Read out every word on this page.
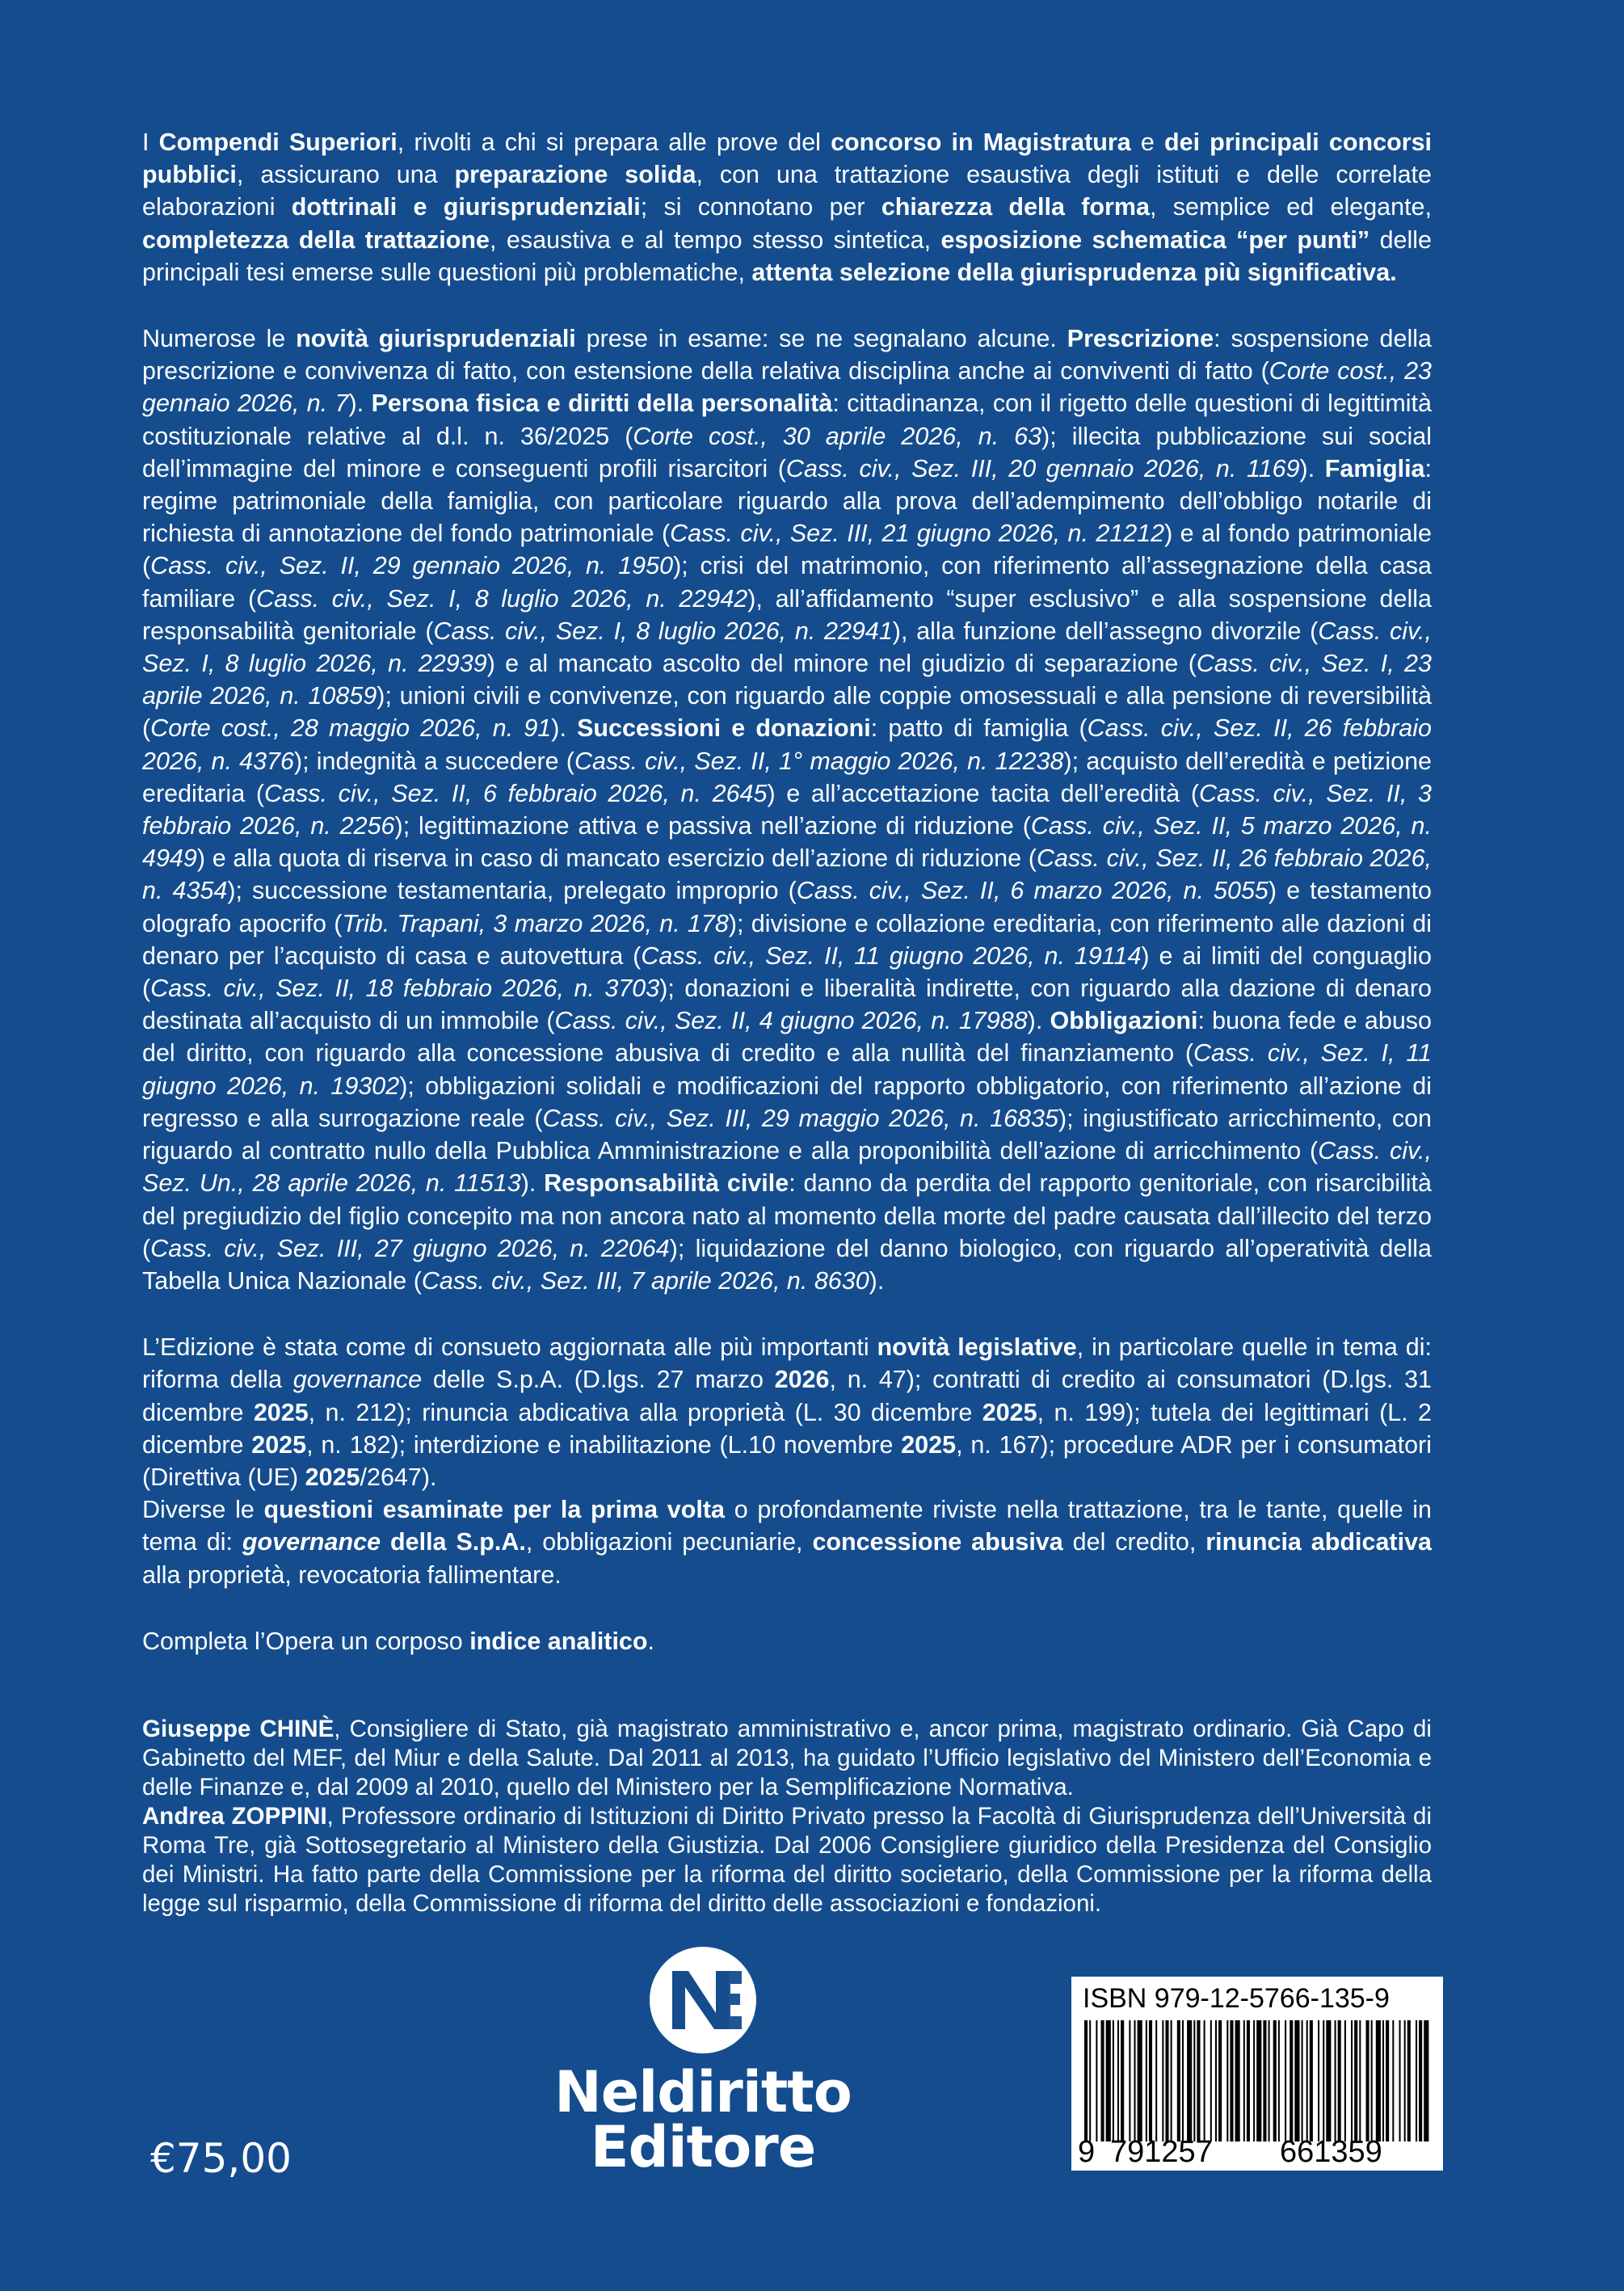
I Compendi Superiori, rivolti a chi si prepara alle prove del concorso in Magistratura e dei principali concorsi pubblici, assicurano una preparazione solida, con una trattazione esaustiva degli istituti e delle correlate elaborazioni dottrinali e giurisprudenziali; si connotano per chiarezza della forma, semplice ed elegante, completezza della trattazione, esaustiva e al tempo stesso sintetica, esposizione schematica “per punti” delle principali tesi emerse sulle questioni più problematiche, attenta selezione della giurisprudenza più significativa.

Numerose le novità giurisprudenziali prese in esame: se ne segnalano alcune. Prescrizione: sospensione della prescrizione e convivenza di fatto, con estensione della relativa disciplina anche ai conviventi di fatto (Corte cost., 23 gennaio 2026, n. 7). Persona fisica e diritti della personalità: cittadinanza, con il rigetto delle questioni di legittimità costituzionale relative al d.l. n. 36/2025 (Corte cost., 30 aprile 2026, n. 63); illecita pubblicazione sui social dell’immagine del minore e conseguenti profili risarcitori (Cass. civ., Sez. III, 20 gennaio 2026, n. 1169). Famiglia: regime patrimoniale della famiglia, con particolare riguardo alla prova dell’adempimento dell’obbligo notarile di richiesta di annotazione del fondo patrimoniale (Cass. civ., Sez. III, 21 giugno 2026, n. 21212) e al fondo patrimoniale (Cass. civ., Sez. II, 29 gennaio 2026, n. 1950); crisi del matrimonio, con riferimento all’assegnazione della casa familiare (Cass. civ., Sez. I, 8 luglio 2026, n. 22942), all’affidamento “super esclusivo” e alla sospensione della responsabilità genitoriale (Cass. civ., Sez. I, 8 luglio 2026, n. 22941), alla funzione dell’assegno divorzile (Cass. civ., Sez. I, 8 luglio 2026, n. 22939) e al mancato ascolto del minore nel giudizio di separazione (Cass. civ., Sez. I, 23 aprile 2026, n. 10859); unioni civili e convivenze, con riguardo alle coppie omosessuali e alla pensione di reversibilità (Corte cost., 28 maggio 2026, n. 91). Successioni e donazioni: patto di famiglia (Cass. civ., Sez. II, 26 febbraio 2026, n. 4376); indegnità a succedere (Cass. civ., Sez. II, 1° maggio 2026, n. 12238); acquisto dell’eredità e petizione ereditaria (Cass. civ., Sez. II, 6 febbraio 2026, n. 2645) e all’accettazione tacita dell’eredità (Cass. civ., Sez. II, 3 febbraio 2026, n. 2256); legittimazione attiva e passiva nell’azione di riduzione (Cass. civ., Sez. II, 5 marzo 2026, n. 4949) e alla quota di riserva in caso di mancato esercizio dell’azione di riduzione (Cass. civ., Sez. II, 26 febbraio 2026, n. 4354); successione testamentaria, prelegato improprio (Cass. civ., Sez. II, 6 marzo 2026, n. 5055) e testamento olografo apocrifo (Trib. Trapani, 3 marzo 2026, n. 178); divisione e collazione ereditaria, con riferimento alle dazioni di denaro per l’acquisto di casa e autovettura (Cass. civ., Sez. II, 11 giugno 2026, n. 19114) e ai limiti del conguaglio (Cass. civ., Sez. II, 18 febbraio 2026, n. 3703); donazioni e liberalità indirette, con riguardo alla dazione di denaro destinata all’acquisto di un immobile (Cass. civ., Sez. II, 4 giugno 2026, n. 17988). Obbligazioni: buona fede e abuso del diritto, con riguardo alla concessione abusiva di credito e alla nullità del finanziamento (Cass. civ., Sez. I, 11 giugno 2026, n. 19302); obbligazioni solidali e modificazioni del rapporto obbligatorio, con riferimento all’azione di regresso e alla surrogazione reale (Cass. civ., Sez. III, 29 maggio 2026, n. 16835); ingiustificato arricchimento, con riguardo al contratto nullo della Pubblica Amministrazione e alla proponibilità dell’azione di arricchimento (Cass. civ., Sez. Un., 28 aprile 2026, n. 11513). Responsabilità civile: danno da perdita del rapporto genitoriale, con risarcibilità del pregiudizio del figlio concepito ma non ancora nato al momento della morte del padre causata dall’illecito del terzo (Cass. civ., Sez. III, 27 giugno 2026, n. 22064); liquidazione del danno biologico, con riguardo all’operatività della Tabella Unica Nazionale (Cass. civ., Sez. III, 7 aprile 2026, n. 8630).

L’Edizione è stata come di consueto aggiornata alle più importanti novità legislative, in particolare quelle in tema di: riforma della governance delle S.p.A. (D.lgs. 27 marzo 2026, n. 47); contratti di credito ai consumatori (D.lgs. 31 dicembre 2025, n. 212); rinuncia abdicativa alla proprietà (L. 30 dicembre 2025, n. 199); tutela dei legittimari (L. 2 dicembre 2025, n. 182); interdizione e inabilitazione (L.10 novembre 2025, n. 167); procedure ADR per i consumatori (Direttiva (UE) 2025/2647).

Diverse le questioni esaminate per la prima volta o profondamente riviste nella trattazione, tra le tante, quelle in tema di: governance della S.p.A., obbligazioni pecuniarie, concessione abusiva del credito, rinuncia abdicativa alla proprietà, revocatoria fallimentare.

Completa l’Opera un corposo indice analitico.

Giuseppe CHINÈ, Consigliere di Stato, già magistrato amministrativo e, ancor prima, magistrato ordinario. Già Capo di Gabinetto del MEF, del Miur e della Salute. Dal 2011 al 2013, ha guidato l’Ufficio legislativo del Ministero dell’Economia e delle Finanze e, dal 2009 al 2010, quello del Ministero per la Semplificazione Normativa.

Andrea ZOPPINI, Professore ordinario di Istituzioni di Diritto Privato presso la Facoltà di Giurisprudenza dell’Università di Roma Tre, già Sottosegretario al Ministero della Giustizia. Dal 2006 Consigliere giuridico della Presidenza del Consiglio dei Ministri. Ha fatto parte della Commissione per la riforma del diritto societario, della Commissione per la riforma della legge sul risparmio, della Commissione di riforma del diritto delle associazioni e fondazioni.

NE
Neldiritto
Editore
€75,00
ISBN 979-12-5766-135-9
9 791257 661359
